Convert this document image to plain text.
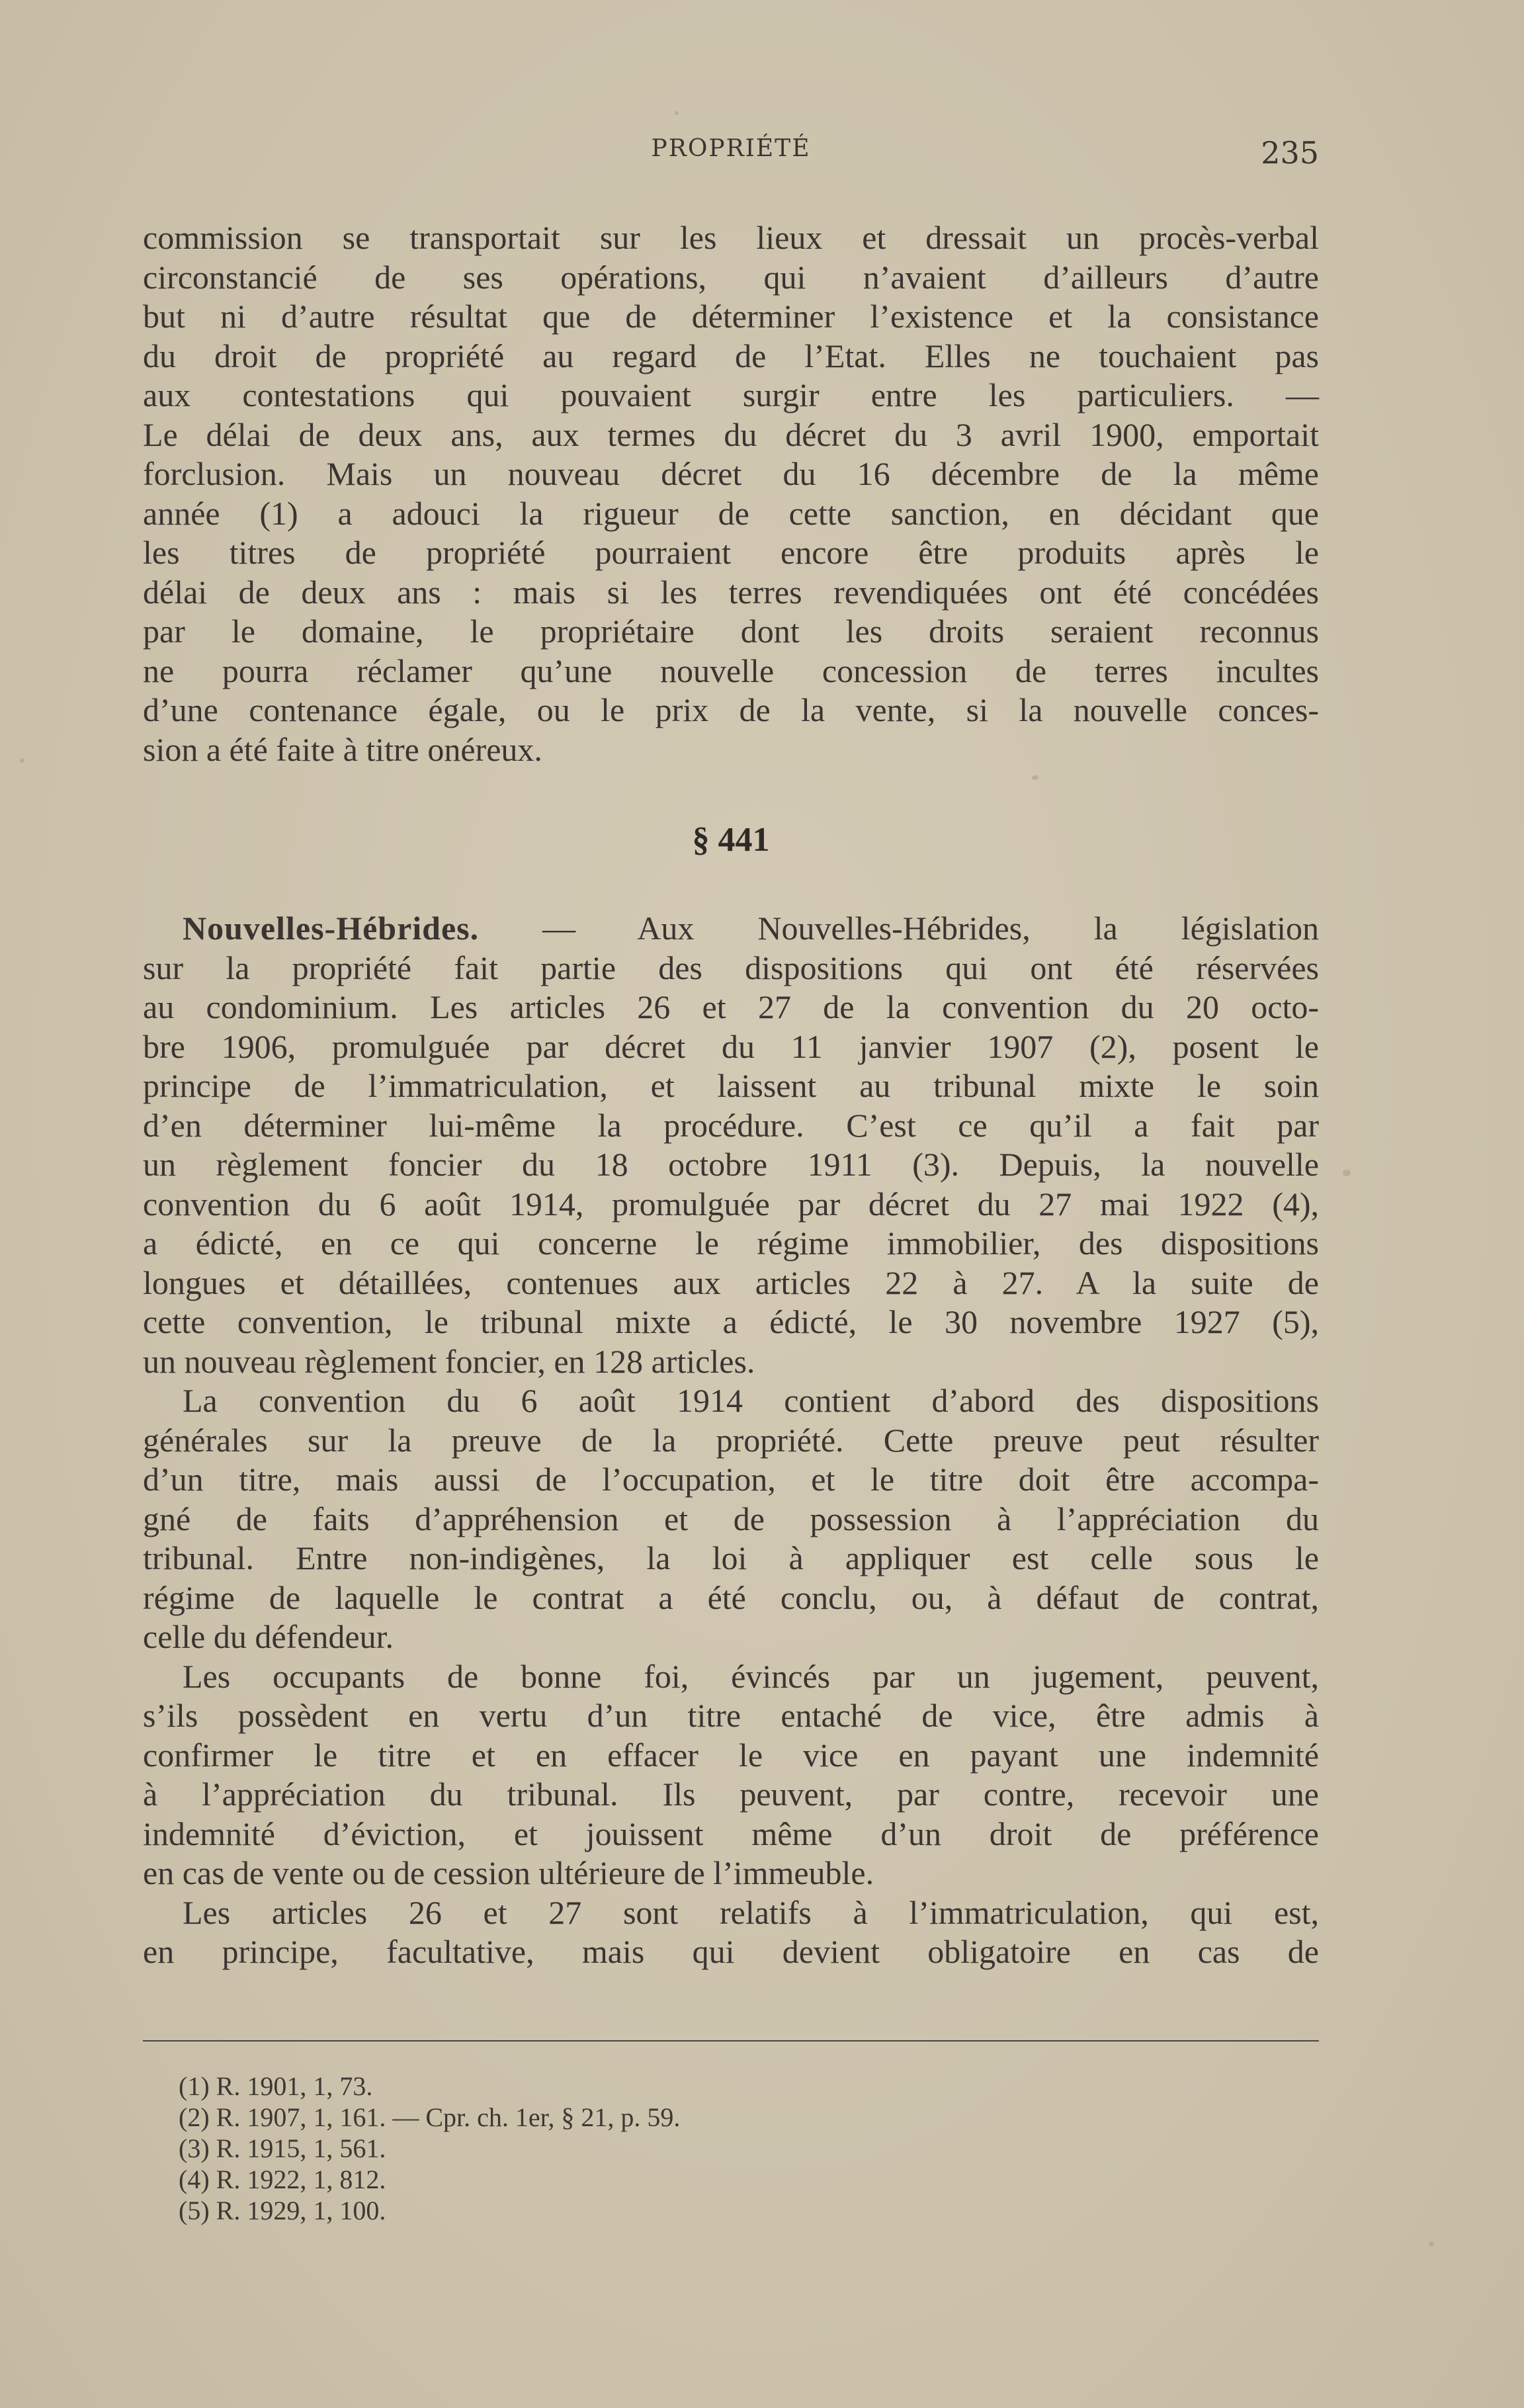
PROPRIÉTÉ	235
commission se transportait sur les lieux et dressait un procès-verbal
circonstancié de ses opérations, qui n’avaient d’ailleurs d’autre
but ni d’autre résultat que de déterminer l’existence et la consistance
du droit de propriété au regard de l’Etat. Elles ne touchaient pas
aux contestations qui pouvaient surgir entre les particuliers. —
Le délai de deux ans, aux termes du décret du 3 avril 1900, emportait
forclusion. Mais un nouveau décret du 16 décembre de la même
année (1) a adouci la rigueur de cette sanction, en décidant que
les titres de propriété pourraient encore être produits après le
délai de deux ans : mais si les terres revendiquées ont été concédées
par le domaine, le propriétaire dont les droits seraient reconnus
ne pourra réclamer qu’une nouvelle concession de terres incultes
d’une contenance égale, ou le prix de la vente, si la nouvelle conces-
sion a été faite à titre onéreux.
§ 441
Nouvelles-Hébrides. — Aux Nouvelles-Hébrides, la législation
sur la propriété fait partie des dispositions qui ont été réservées
au condominium. Les articles 26 et 27 de la convention du 20 octo-
bre 1906, promulguée par décret du 11 janvier 1907 (2), posent le
principe de l’immatriculation, et laissent au tribunal mixte le soin
d’en déterminer lui-même la procédure. C’est ce qu’il a fait par
un règlement foncier du 18 octobre 1911 (3). Depuis, la nouvelle
convention du 6 août 1914, promulguée par décret du 27 mai 1922 (4),
a édicté, en ce qui concerne le régime immobilier, des dispositions
longues et détaillées, contenues aux articles 22 à 27. A la suite de
cette convention, le tribunal mixte a édicté, le 30 novembre 1927 (5),
un nouveau règlement foncier, en 128 articles.
La convention du 6 août 1914 contient d’abord des dispositions
générales sur la preuve de la propriété. Cette preuve peut résulter
d’un titre, mais aussi de l’occupation, et le titre doit être accompa-
gné de faits d’appréhension et de possession à l’appréciation du
tribunal. Entre non-indigènes, la loi à appliquer est celle sous le
régime de laquelle le contrat a été conclu, ou, à défaut de contrat,
celle du défendeur.
Les occupants de bonne foi, évincés par un jugement, peuvent,
s’ils possèdent en vertu d’un titre entaché de vice, être admis à
confirmer le titre et en effacer le vice en payant une indemnité
à l’appréciation du tribunal. Ils peuvent, par contre, recevoir une
indemnité d’éviction, et jouissent même d’un droit de préférence
en cas de vente ou de cession ultérieure de l’immeuble.
Les articles 26 et 27 sont relatifs à l’immatriculation, qui est,
en principe, facultative, mais qui devient obligatoire en cas de
(1) R. 1901, 1, 73.
(2) R. 1907, 1, 161. — Cpr. ch. 1er, § 21, p. 59.
(3) R. 1915, 1, 561.
(4) R. 1922, 1, 812.
(5) R. 1929, 1, 100.
